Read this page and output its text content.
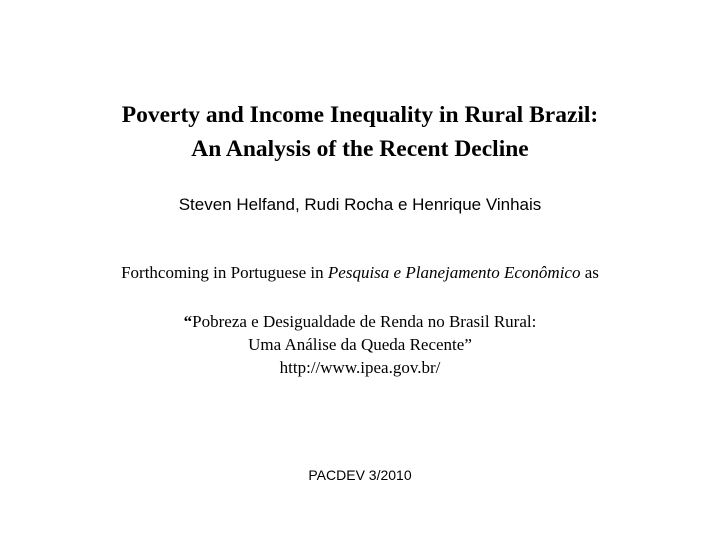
Poverty and Income Inequality in Rural Brazil:
An Analysis of the Recent Decline
Steven Helfand, Rudi Rocha e Henrique Vinhais
Forthcoming in Portuguese in Pesquisa e Planejamento Econômico as
“Pobreza e Desigualdade de Renda no Brasil Rural:
Uma Análise da Queda Recente”
http://www.ipea.gov.br/
PACDEV 3/2010
